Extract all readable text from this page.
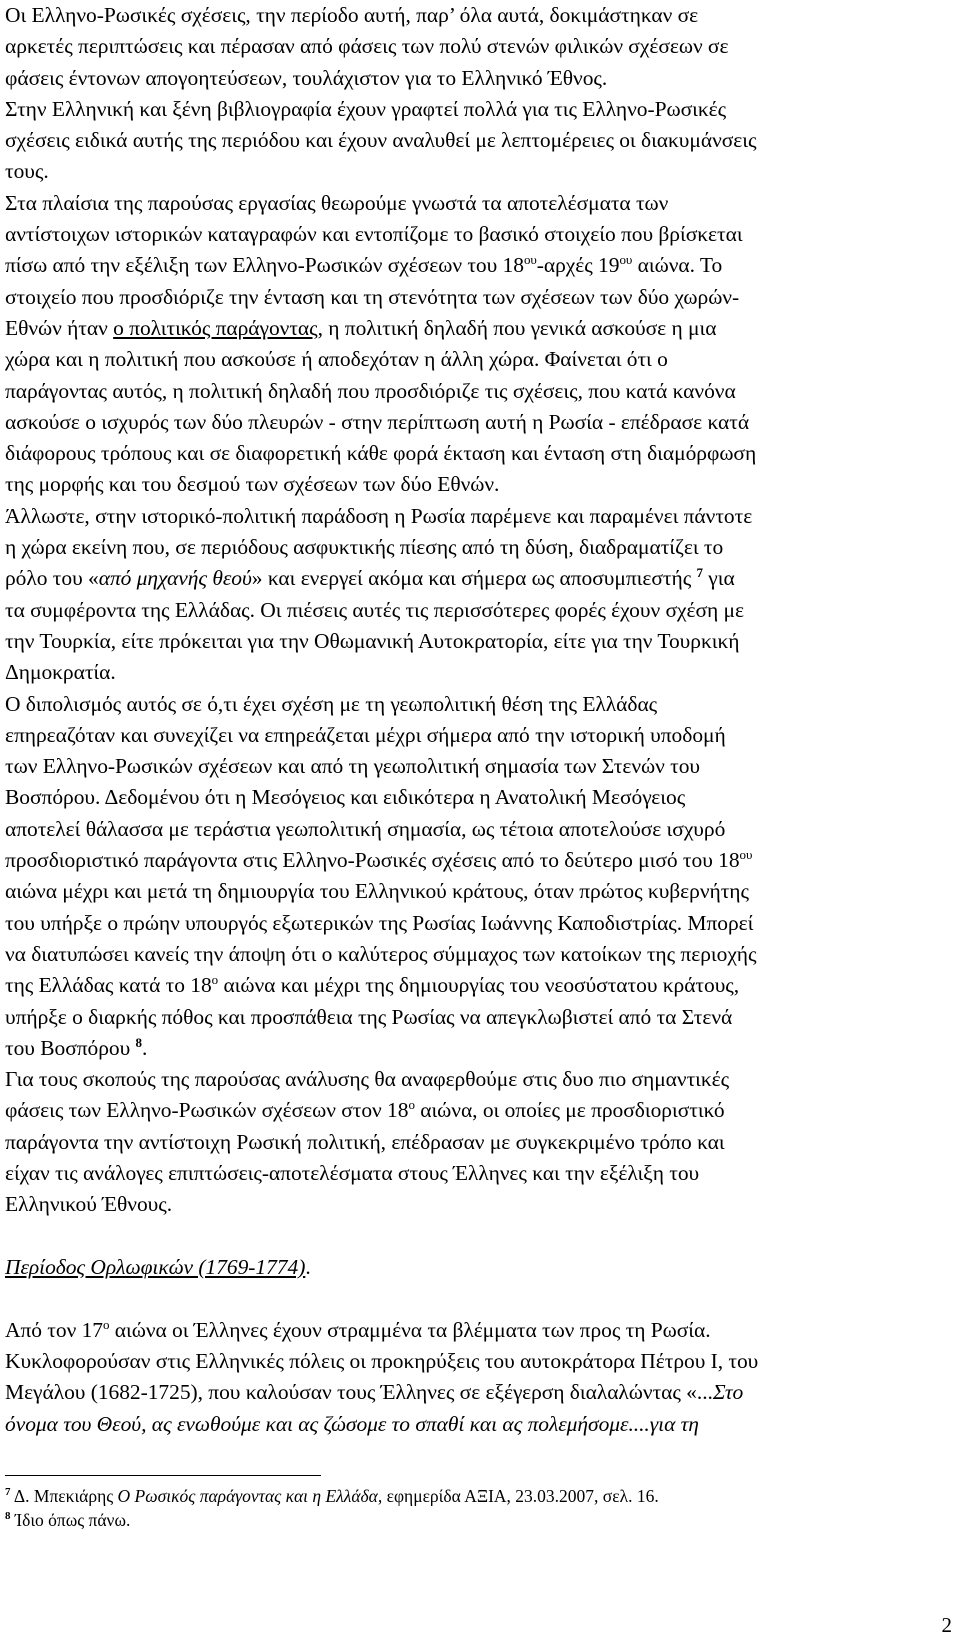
Οι Ελληνο-Ρωσικές σχέσεις, την περίοδο αυτή, παρ’ όλα αυτά, δοκιμάστηκαν σε
αρκετές περιπτώσεις και πέρασαν από φάσεις των πολύ στενών φιλικών σχέσεων σε
φάσεις έντονων απογοητεύσεων, τουλάχιστον για το Ελληνικό Έθνος.

Στην Ελληνική και ξένη βιβλιογραφία έχουν γραφτεί πολλά για τις Ελληνο-Ρωσικές
σχέσεις ειδικά αυτής της περιόδου και έχουν αναλυθεί με λεπτομέρειες οι διακυμάνσεις
τους.

Στα πλαίσια της παρούσας εργασίας θεωρούμε γνωστά τα αποτελέσματα των
αντίστοιχων ιστορικών καταγραφών και εντοπίζομε το βασικό στοιχείο που βρίσκεται
πίσω από την εξέλιξη των Ελληνο-Ρωσικών σχέσεων του $18^{o\upsilon}$-αρχές $19^{o\upsilon}$ αιώνα. Το
στοιχείο που προσδιόριζε την ένταση και τη στενότητα των σχέσεων των δύο χωρών-
Εθνών ήταν ο πολιτικός παράγοντας, η πολιτική δηλαδή που γενικά ασκούσε η μια
χώρα και η πολιτική που ασκούσε ή αποδεχόταν η άλλη χώρα. Φαίνεται ότι ο
παράγοντας αυτός, η πολιτική δηλαδή που προσδιόριζε τις σχέσεις, που κατά κανόνα
ασκούσε ο ισχυρός των δύο πλευρών - στην περίπτωση αυτή η Ρωσία - επέδρασε κατά
διάφορους τρόπους και σε διαφορετική κάθε φορά έκταση και ένταση στη διαμόρφωση
της μορφής και του δεσμού των σχέσεων των δύο Εθνών.

Άλλωστε, στην ιστορικό-πολιτική παράδοση η Ρωσία παρέμενε και παραμένει πάντοτε
η χώρα εκείνη που, σε περιόδους ασφυκτικής πίεσης από τη δύση, διαδραματίζει το
ρόλο του «από μηχανής θεού» και ενεργεί ακόμα και σήμερα ως αποσυμπιεστής $^7$ για
τα συμφέροντα της Ελλάδας. Οι πιέσεις αυτές τις περισσότερες φορές έχουν σχέση με
την Τουρκία, είτε πρόκειται για την Οθωμανική Αυτοκρατορία, είτε για την Τουρκική
Δημοκρατία.

Ο διπολισμός αυτός σε ό,τι έχει σχέση με τη γεωπολιτική θέση της Ελλάδας
επηρεαζόταν και συνεχίζει να επηρεάζεται μέχρι σήμερα από την ιστορική υποδομή
των Ελληνο-Ρωσικών σχέσεων και από τη γεωπολιτική σημασία των Στενών του
Βοσπόρου. Δεδομένου ότι η Μεσόγειος και ειδικότερα η Ανατολική Μεσόγειος
αποτελεί θάλασσα με τεράστια γεωπολιτική σημασία, ως τέτοια αποτελούσε ισχυρό
προσδιοριστικό παράγοντα στις Ελληνο-Ρωσικές σχέσεις από το δεύτερο μισό του $18^{o\upsilon}$
αιώνα μέχρι και μετά τη δημιουργία του Ελληνικού κράτους, όταν πρώτος κυβερνήτης
του υπήρξε ο πρώην υπουργός εξωτερικών της Ρωσίας Ιωάννης Καποδιστρίας. Μπορεί
να διατυπώσει κανείς την άποψη ότι ο καλύτερος σύμμαχος των κατοίκων της περιοχής
της Ελλάδας κατά το $18^o$ αιώνα και μέχρι της δημιουργίας του νεοσύστατου κράτους,
υπήρξε ο διαρκής πόθος και προσπάθεια της Ρωσίας να απεγκλωβιστεί από τα Στενά
του Βοσπόρου $^8$.

Για τους σκοπούς της παρούσας ανάλυσης θα αναφερθούμε στις δυο πιο σημαντικές
φάσεις των Ελληνο-Ρωσικών σχέσεων στον $18^o$ αιώνα, οι οποίες με προσδιοριστικό
παράγοντα την αντίστοιχη Ρωσική πολιτική, επέδρασαν με συγκεκριμένο τρόπο και
είχαν τις ανάλογες επιπτώσεις-αποτελέσματα στους Έλληνες και την εξέλιξη του
Ελληνικού Έθνους.

Περίοδος Ορλωφικών (1769-1774).

Από τον $17^o$ αιώνα οι Έλληνες έχουν στραμμένα τα βλέμματα των προς τη Ρωσία.
Κυκλοφορούσαν στις Ελληνικές πόλεις οι προκηρύξεις του αυτοκράτορα Πέτρου Ι, του
Μεγάλου (1682-1725), που καλούσαν τους Έλληνες σε εξέγερση διαλαλώντας «...Στο
όνομα του Θεού, ας ενωθούμε και ας ζώσομε το σπαθί και ας πολεμήσομε....για τη

$^7$ Δ. Μπεκιάρης Ο Ρωσικός παράγοντας και η Ελλάδα, εφημερίδα ΑΞΙΑ, 23.03.2007, σελ. 16.
$^8$ Ίδιο όπως πάνω.
2
